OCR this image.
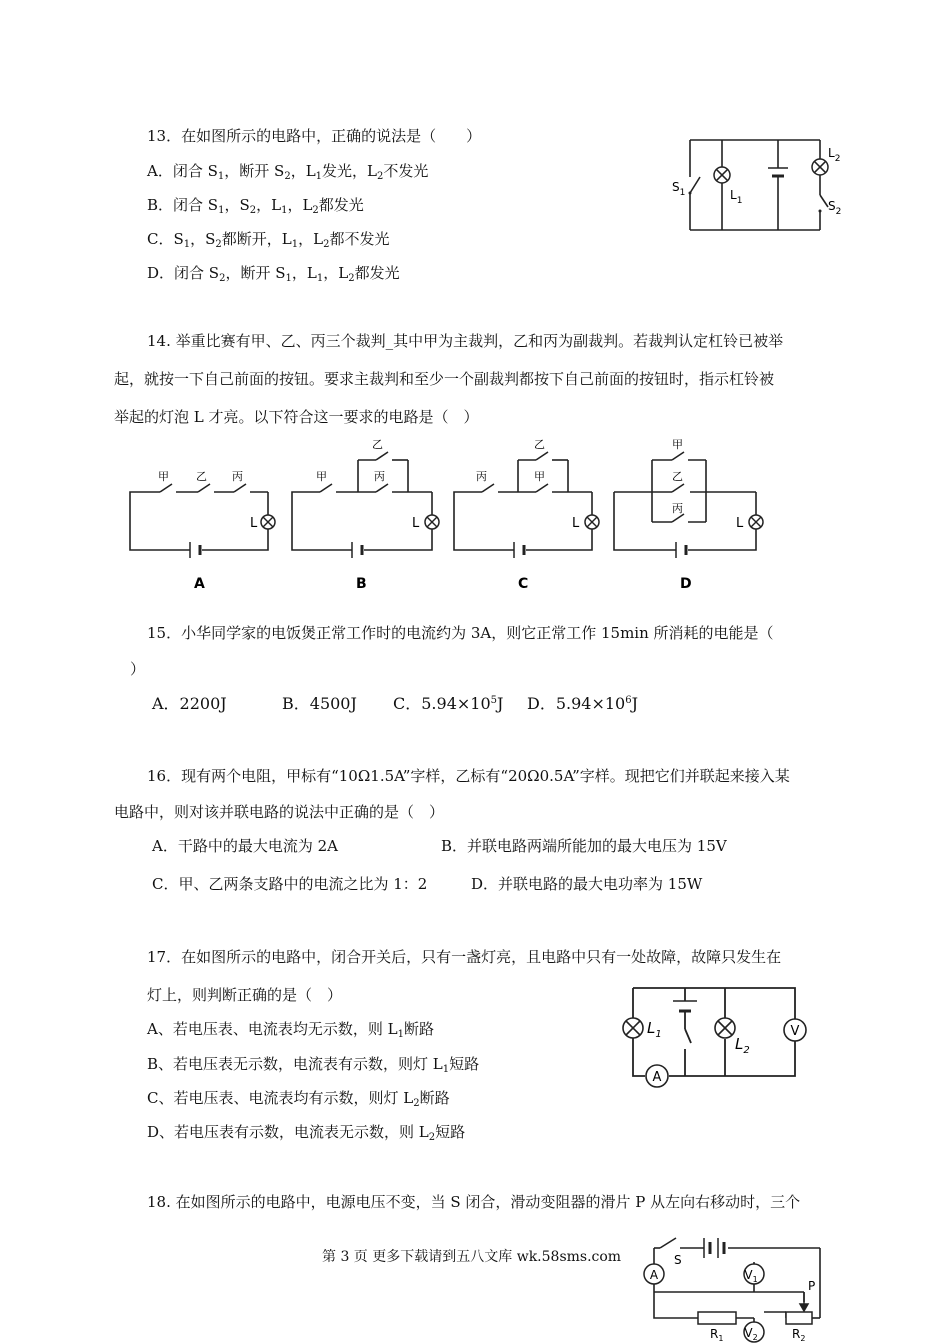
13．在如图所示的电路中，正确的说法是（　　）
A．闭合 $S_1$，断开 $S_2$，$L_1$发光，$L_2$不发光
B．闭合 $S_1$，$S_2$，$L_1$，$L_2$都发光
C．$S_1$，$S_2$都断开，$L_1$，$L_2$都不发光
D．闭合 $S_2$，断开 $S_1$，$L_1$，$L_2$都发光
$S_1$	$L_1$
$L_2$
$S_2$
14. 举重比赛有甲、乙、丙三个裁判_其中甲为主裁判，乙和丙为副裁判。若裁判认定杠铃已被举
起，就按一下自己前面的按钮。要求主裁判和至少一个副裁判都按下自己前面的按钮时，指示杠铃被
举起的灯泡 L 才亮。以下符合这一要求的电路是（　）
甲 乙 丙
L
A
甲
乙
丙
L
B
丙
乙
甲
L
C
甲
乙
丙
L
D
15．小华同学家的电饭煲正常工作时的电流约为 3A，则它正常工作 15min 所消耗的电能是（
）
A．2200J	B．4500J C．$5.94\times 10^5J$ D．$5.94\times 10^6J$
16．现有两个电阻，甲标有“10Ω1.5A”字样，乙标有“20Ω0.5A”字样。现把它们并联起来接入某
电路中，则对该并联电路的说法中正确的是（　）
A．干路中的最大电流为 2A	B．并联电路两端所能加的最大电压为 15V
C．甲、乙两条支路中的电流之比为 1：2	D．并联电路的最大电功率为 15W
17．在如图所示的电路中，闭合开关后，只有一盏灯亮，且电路中只有一处故障，故障只发生在
灯上，则判断正确的是（　）
A、若电压表、电流表均无示数，则 $L_1$断路
B、若电压表无示数，电流表有示数，则灯 $L_1$短路
C、若电压表、电流表均有示数，则灯 $L_2$断路
D、若电压表有示数，电流表无示数，则 $L_2$短路
A
V
$L_1$
$L_2$
18. 在如图所示的电路中，电源电压不变，当 S 闭合，滑动变阻器的滑片 P 从左向右移动时，三个
A	$V_1$
$V_2$
S
P
$R_1$	$R_2$
第 3 页 更多下载请到五八文库 wk.58sms.com
